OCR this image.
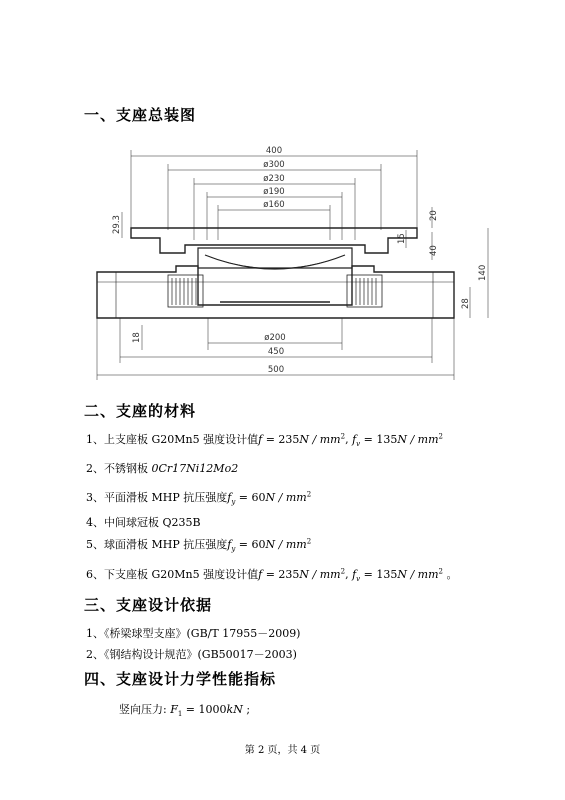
一、支座总装图
400
ø300
ø230
ø190
ø160
ø200
450
500
29.3	20
15
40
140
28
18
二、支座的材料
1、上支座板 G20Mn5 强度设计值$f = 235N / mm^2$, $f_v = 135N / mm^2$
2、不锈钢板 0Cr17Ni12Mo2
3、平面滑板 MHP 抗压强度$f_y = 60N / mm^2$
4、中间球冠板 Q235B
5、球面滑板 MHP 抗压强度$f_y = 60N / mm^2$
6、下支座板 G20Mn5 强度设计值$f = 235N / mm^2$, $f_v = 135N / mm^2$ 。
三、支座设计依据
1、《桥梁球型支座》(GB/T 17955－2009)
2、《钢结构设计规范》(GB50017－2003)
四、支座设计力学性能指标
竖向压力: $F_1 = 1000kN$ ;
第 2 页，共 4 页
